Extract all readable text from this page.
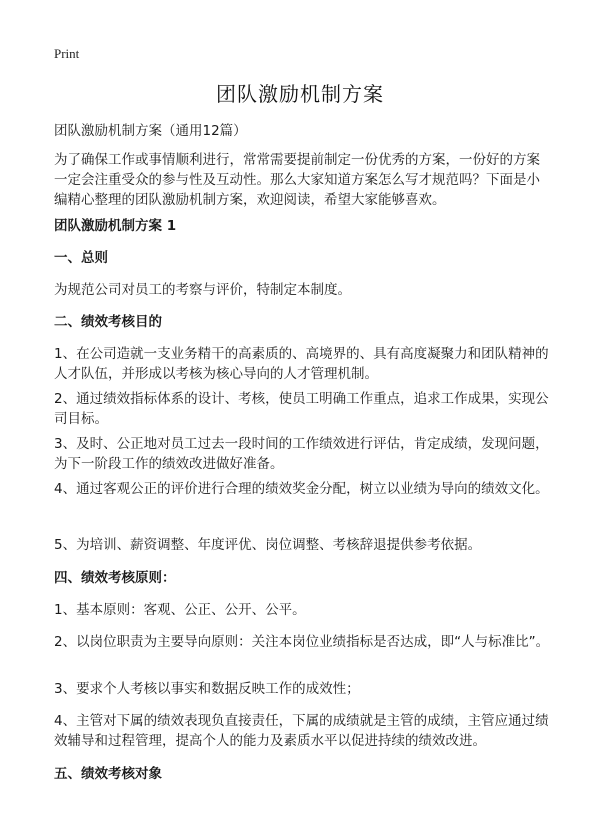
Print
团队激励机制方案
团队激励机制方案（通用12篇）
为了确保工作或事情顺利进行，常常需要提前制定一份优秀的方案，一份好的方案一定会注重受众的参与性及互动性。那么大家知道方案怎么写才规范吗？下面是小编精心整理的团队激励机制方案，欢迎阅读，希望大家能够喜欢。
团队激励机制方案 1
一、总则
为规范公司对员工的考察与评价，特制定本制度。
二、绩效考核目的
1、在公司造就一支业务精干的高素质的、高境界的、具有高度凝聚力和团队精神的人才队伍，并形成以考核为核心导向的人才管理机制。
2、通过绩效指标体系的设计、考核，使员工明确工作重点，追求工作成果，实现公司目标。
3、及时、公正地对员工过去一段时间的工作绩效进行评估，肯定成绩，发现问题，为下一阶段工作的绩效改进做好准备。
4、通过客观公正的评价进行合理的绩效奖金分配，树立以业绩为导向的绩效文化。
5、为培训、薪资调整、年度评优、岗位调整、考核辞退提供参考依据。
四、绩效考核原则：
1、基本原则：客观、公正、公开、公平。
2、以岗位职责为主要导向原则：关注本岗位业绩指标是否达成，即“人与标准比”。
3、要求个人考核以事实和数据反映工作的成效性；
4、主管对下属的绩效表现负直接责任，下属的成绩就是主管的成绩，主管应通过绩效辅导和过程管理，提高个人的能力及素质水平以促进持续的绩效改进。
五、绩效考核对象
